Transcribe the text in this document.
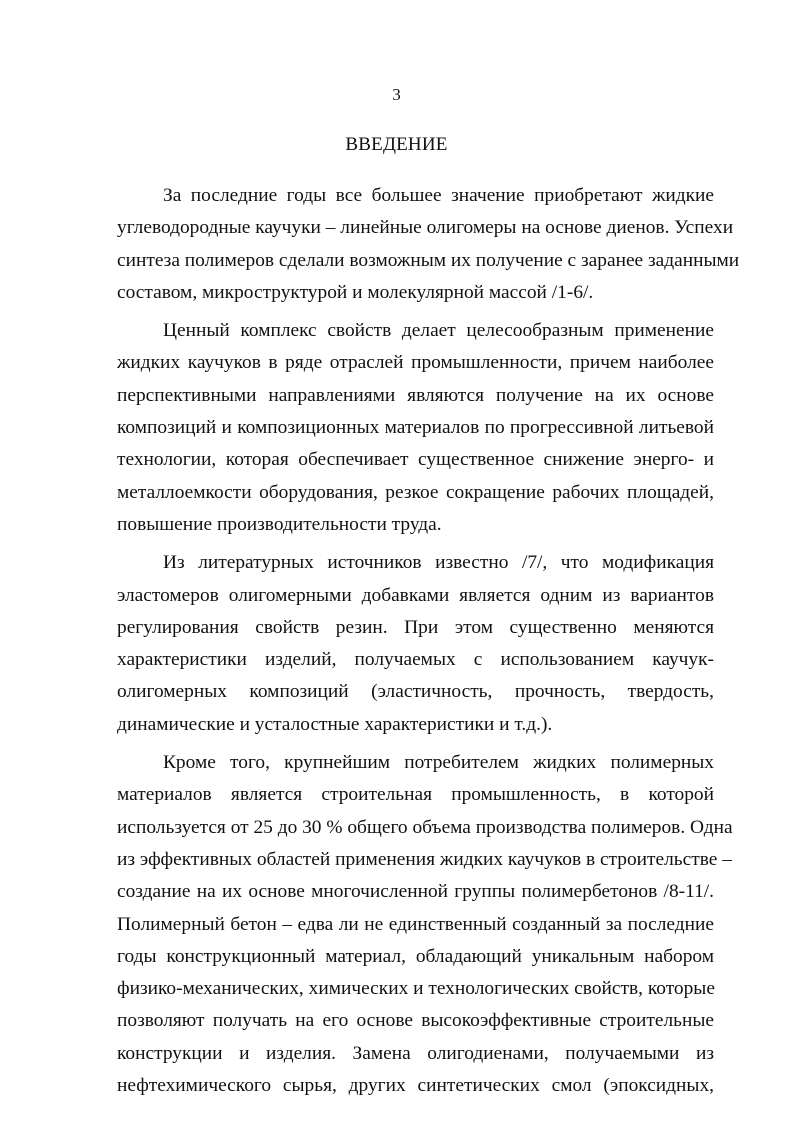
3
ВВЕДЕНИЕ
За последние годы все большее значение приобретают жидкие
углеводородные каучуки – линейные олигомеры на основе диенов. Успехи
синтеза полимеров сделали возможным их получение с заранее заданными
составом, микроструктурой и молекулярной массой /1-6/.
Ценный комплекс свойств делает целесообразным применение
жидких каучуков в ряде отраслей промышленности, причем наиболее
перспективными направлениями являются получение на их основе
композиций и композиционных материалов по прогрессивной литьевой
технологии, которая обеспечивает существенное снижение энерго- и
металлоемкости оборудования, резкое сокращение рабочих площадей,
повышение производительности труда.
Из литературных источников известно /7/, что модификация
эластомеров олигомерными добавками является одним из вариантов
регулирования свойств резин. При этом существенно меняются
характеристики изделий, получаемых с использованием каучук-
олигомерных композиций (эластичность, прочность, твердость,
динамические и усталостные характеристики и т.д.).
Кроме того, крупнейшим потребителем жидких полимерных
материалов является строительная промышленность, в которой
используется от 25 до 30 % общего объема производства полимеров. Одна
из эффективных областей применения жидких каучуков в строительстве –
создание на их основе многочисленной группы полимербетонов /8-11/.
Полимерный бетон – едва ли не единственный созданный за последние
годы конструкционный материал, обладающий уникальным набором
физико-механических, химических и технологических свойств, которые
позволяют получать на его основе высокоэффективные строительные
конструкции и изделия. Замена олигодиенами, получаемыми из
нефтехимического сырья, других синтетических смол (эпоксидных,
